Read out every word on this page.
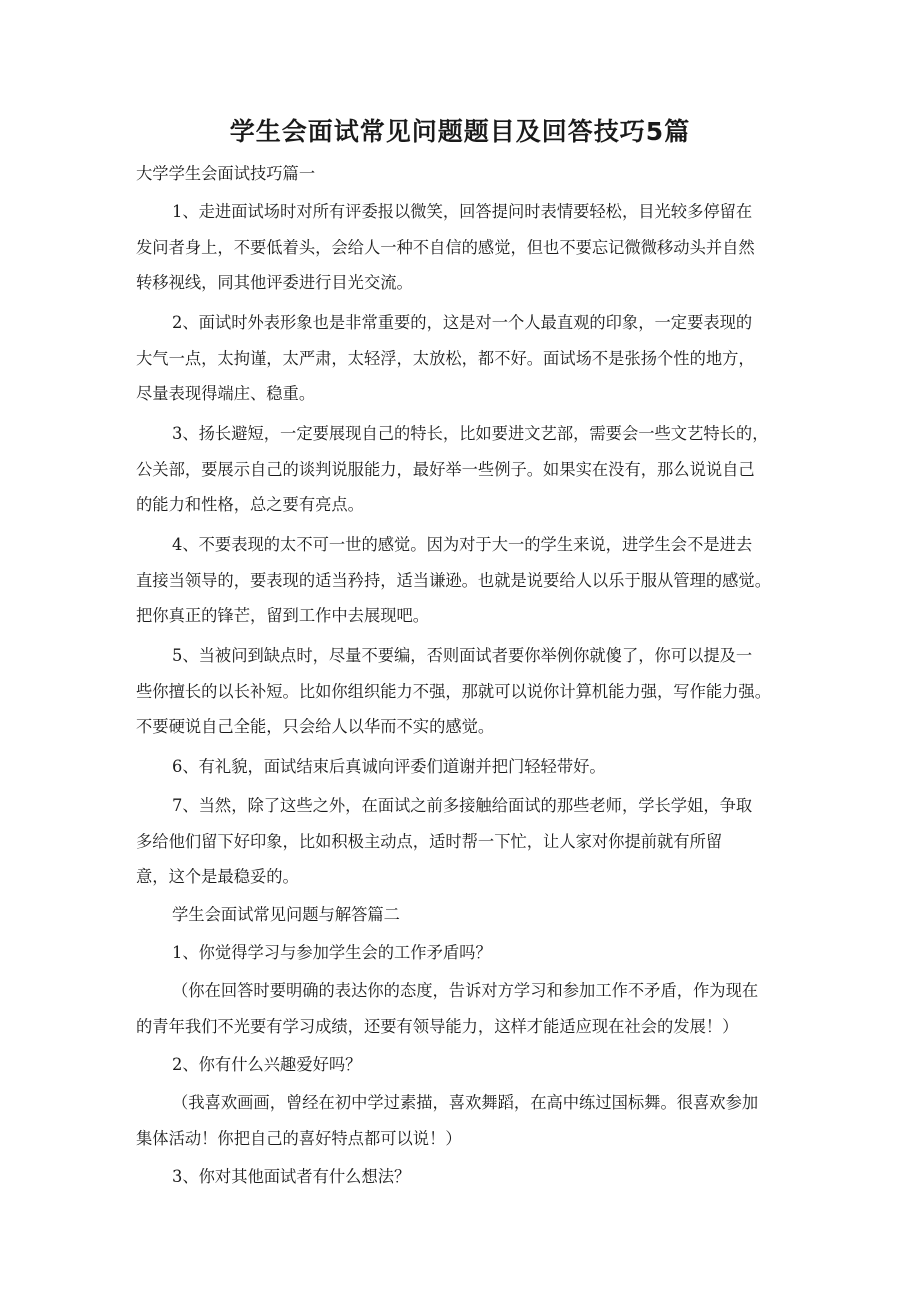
学生会面试常见问题题目及回答技巧5篇
大学学生会面试技巧篇一
1、走进面试场时对所有评委报以微笑，回答提问时表情要轻松，目光较多停留在
发问者身上，不要低着头，会给人一种不自信的感觉，但也不要忘记微微移动头并自然
转移视线，同其他评委进行目光交流。
2、面试时外表形象也是非常重要的，这是对一个人最直观的印象，一定要表现的
大气一点，太拘谨，太严肃，太轻浮，太放松，都不好。面试场不是张扬个性的地方，
尽量表现得端庄、稳重。
3、扬长避短，一定要展现自己的特长，比如要进文艺部，需要会一些文艺特长的，
公关部，要展示自己的谈判说服能力，最好举一些例子。如果实在没有，那么说说自己
的能力和性格，总之要有亮点。
4、不要表现的太不可一世的感觉。因为对于大一的学生来说，进学生会不是进去
直接当领导的，要表现的适当矜持，适当谦逊。也就是说要给人以乐于服从管理的感觉。
把你真正的锋芒，留到工作中去展现吧。
5、当被问到缺点时，尽量不要编，否则面试者要你举例你就傻了，你可以提及一
些你擅长的以长补短。比如你组织能力不强，那就可以说你计算机能力强，写作能力强。
不要硬说自己全能，只会给人以华而不实的感觉。
6、有礼貌，面试结束后真诚向评委们道谢并把门轻轻带好。
7、当然，除了这些之外，在面试之前多接触给面试的那些老师，学长学姐，争取
多给他们留下好印象，比如积极主动点，适时帮一下忙，让人家对你提前就有所留
意，这个是最稳妥的。
学生会面试常见问题与解答篇二
1、你觉得学习与参加学生会的工作矛盾吗？
（你在回答时要明确的表达你的态度，告诉对方学习和参加工作不矛盾，作为现在
的青年我们不光要有学习成绩，还要有领导能力，这样才能适应现在社会的发展！）
2、你有什么兴趣爱好吗？
（我喜欢画画，曾经在初中学过素描，喜欢舞蹈，在高中练过国标舞。很喜欢参加
集体活动！你把自己的喜好特点都可以说！）
3、你对其他面试者有什么想法？
